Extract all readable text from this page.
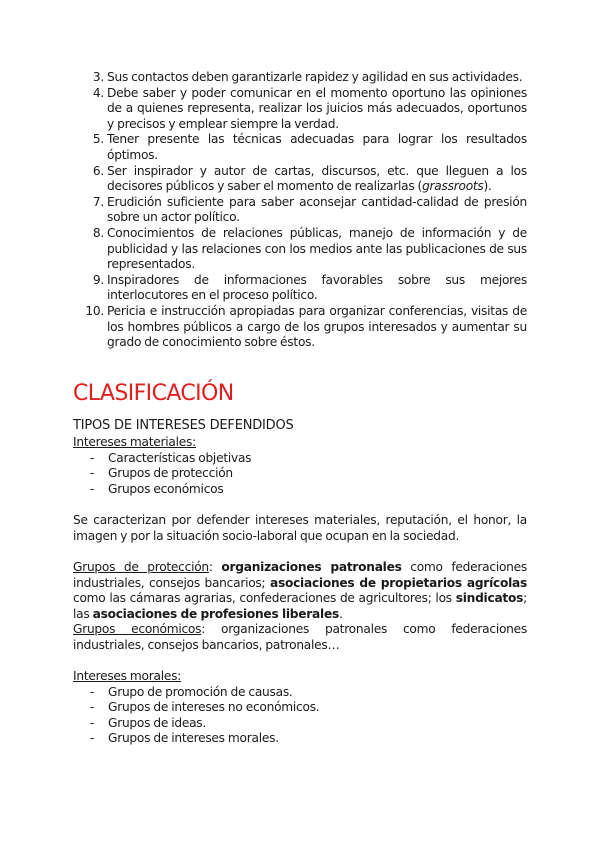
3. Sus contactos deben garantizarle rapidez y agilidad en sus actividades.
4. Debe saber y poder comunicar en el momento oportuno las opiniones de a quienes representa, realizar los juicios más adecuados, oportunos y precisos y emplear siempre la verdad.
5. Tener presente las técnicas adecuadas para lograr los resultados óptimos.
6. Ser inspirador y autor de cartas, discursos, etc. que lleguen a los decisores públicos y saber el momento de realizarlas (grassroots).
7. Erudición suficiente para saber aconsejar cantidad-calidad de presión sobre un actor político.
8. Conocimientos de relaciones públicas, manejo de información y de publicidad y las relaciones con los medios ante las publicaciones de sus representados.
9. Inspiradores de informaciones favorables sobre sus mejores interlocutores en el proceso político.
10. Pericia e instrucción apropiadas para organizar conferencias, visitas de los hombres públicos a cargo de los grupos interesados y aumentar su grado de conocimiento sobre éstos.
CLASIFICACIÓN
TIPOS DE INTERESES DEFENDIDOS
Intereses materiales:
- Características objetivas
- Grupos de protección
- Grupos económicos
Se caracterizan por defender intereses materiales, reputación, el honor, la imagen y por la situación socio-laboral que ocupan en la sociedad.
Grupos de protección: organizaciones patronales como federaciones industriales, consejos bancarios; asociaciones de propietarios agrícolas como las cámaras agrarias, confederaciones de agricultores; los sindicatos; las asociaciones de profesiones liberales.
Grupos económicos: organizaciones patronales como federaciones industriales, consejos bancarios, patronales…
Intereses morales:
- Grupo de promoción de causas.
- Grupos de intereses no económicos.
- Grupos de ideas.
- Grupos de intereses morales.
